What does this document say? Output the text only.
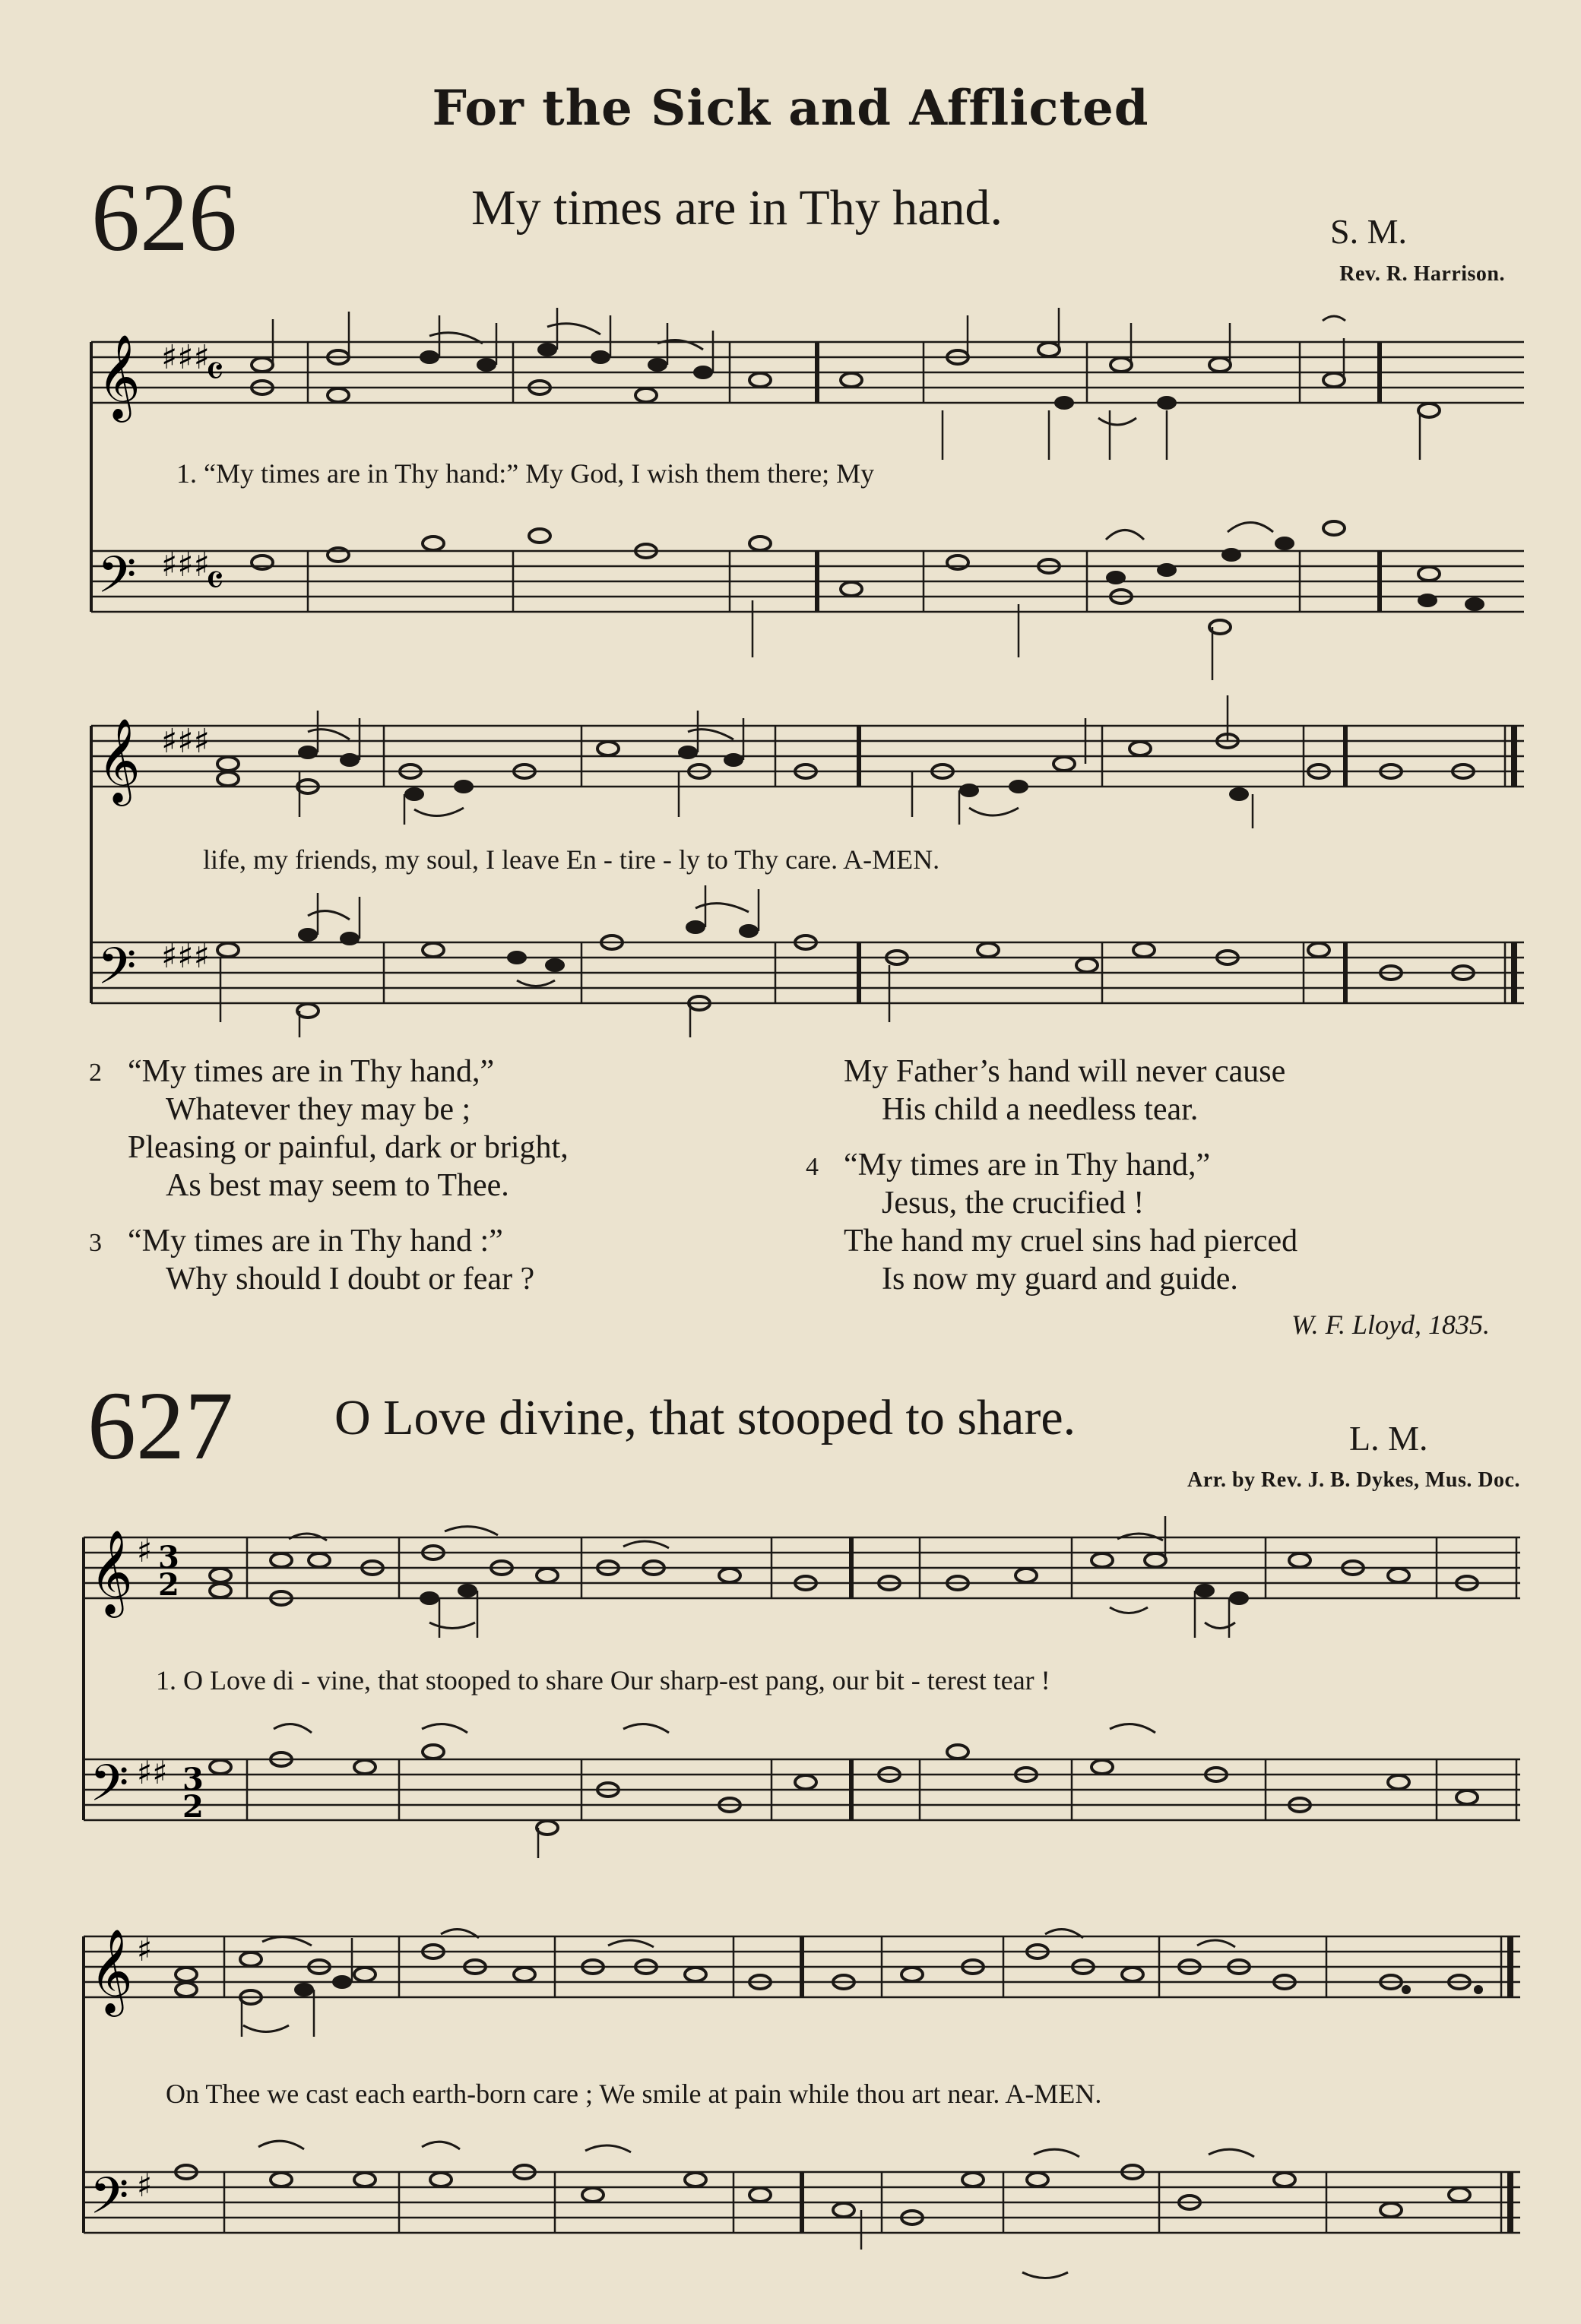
For the Sick and Afflicted
626	My times are in Thy hand.	S. M.
Rev. R. Harrison.
𝄞
𝄢
♯♯♯
♯♯♯
𝄴
𝄴
1. “My times are in Thy hand:” My God, I wish them there; My
𝄞
𝄢
♯♯♯
♯♯♯
life, my friends, my soul, I leave En - tire - ly to Thy care. A-MEN.
2 “My times are in Thy hand,”
Whatever they may be ;
Pleasing or painful, dark or bright,
As best may seem to Thee.
3 “My times are in Thy hand :”
Why should I doubt or fear ?
My Father’s hand will never cause
His child a needless tear.
4 “My times are in Thy hand,”
Jesus, the crucified !
The hand my cruel sins had pierced
Is now my guard and guide.
W. F. Lloyd, 1835.
627 O Love divine, that stooped to share.	L. M.
Arr. by Rev. J. B. Dykes, Mus. Doc.
𝄞
𝄢
♯
♯♯
3
2
3
2
1. O Love di - vine, that stooped to share Our sharp-est pang, our bit - terest tear !
𝄞
𝄢
♯
♯
On Thee we cast each earth-born care ; We smile at pain while thou art near. A-MEN.
